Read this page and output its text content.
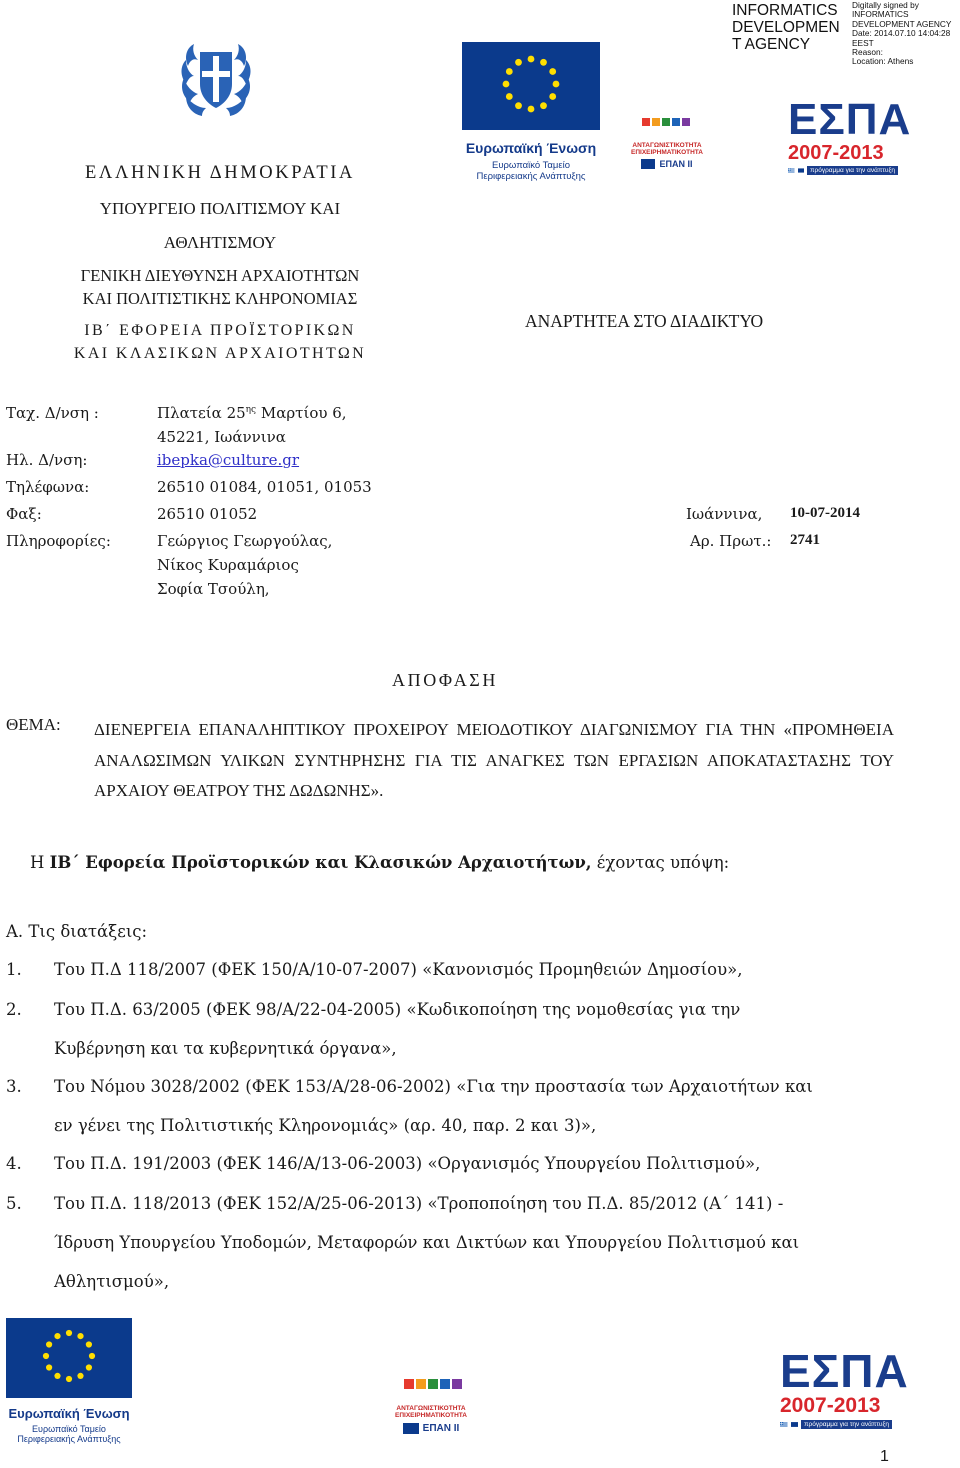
INFORMATICS DEVELOPMEN T AGENCY
Digitally signed by
INFORMATICS
DEVELOPMENT AGENCY
Date: 2014.07.10 14:04:28
EEST
Reason:
Location: Athens
Ευρωπαϊκή Ένωση
Ευρωπαϊκό Ταμείο
Περιφερειακής Ανάπτυξης
ΑΝΤΑΓΩΝΙΣΤΙΚΟΤΗΤΑ
ΕΠΙΧΕΙΡΗΜΑΤΙΚΟΤΗΤΑ
ΕΠΑΝ II
ΕΣΠΑ
2007-2013
πρόγραμμα για την ανάπτυξη
ΕΛΛΗΝΙΚΗ ΔΗΜΟΚΡΑΤΙΑ
ΥΠΟΥΡΓΕΙΟ ΠΟΛΙΤΙΣΜΟΥ ΚΑΙ
ΑΘΛΗΤΙΣΜΟΥ
ΓΕΝΙΚΗ ΔΙΕΥΘΥΝΣΗ ΑΡΧΑΙΟΤΗΤΩΝ
ΚΑΙ ΠΟΛΙΤΙΣΤΙΚΗΣ ΚΛΗΡΟΝΟΜΙΑΣ
ΙΒ΄ ΕΦΟΡΕΙΑ ΠΡΟΪΣΤΟΡΙΚΩΝ
ΚΑΙ ΚΛΑΣΙΚΩΝ ΑΡΧΑΙΟΤΗΤΩΝ
ΑΝΑΡΤΗΤΕΑ ΣΤΟ ΔΙΑΔΙΚΤΥΟ
Ταχ. Δ/νση :	Πλατεία $25^{\eta\varsigma}$ Μαρτίου 6,
45221, Ιωάννινα
Ηλ. Δ/νση:	ibepka@culture.gr
Τηλέφωνα:	26510 01084, 01051, 01053
Φαξ:	26510 01052
Πληροφορίες:	Γεώργιος Γεωργούλας,
Νίκος Κυραμάριος
Σοφία Τσούλη,
Ιωάννινα, 10-07-2014
Αρ. Πρωτ.: 2741
ΑΠΟΦΑΣΗ
ΘΕΜΑ: ΔΙΕΝΕΡΓΕΙΑ ΕΠΑΝΑΛΗΠΤΙΚΟΥ ΠΡΟΧΕΙΡΟΥ ΜΕΙΟΔΟΤΙΚΟΥ ΔΙΑΓΩΝΙΣΜΟΥ ΓΙΑ ΤΗΝ «ΠΡΟΜΗΘΕΙΑ ΑΝΑΛΩΣΙΜΩΝ ΥΛΙΚΩΝ ΣΥΝΤΗΡΗΣΗΣ ΓΙΑ ΤΙΣ ΑΝΑΓΚΕΣ ΤΩΝ ΕΡΓΑΣΙΩΝ ΑΠΟΚΑΤΑΣΤΑΣΗΣ ΤΟΥ ΑΡΧΑΙΟΥ ΘΕΑΤΡΟΥ ΤΗΣ ΔΩΔΩΝΗΣ».
Η ΙΒ΄ Εφορεία Προϊστορικών και Κλασικών Αρχαιοτήτων, έχοντας υπόψη:
Α. Τις διατάξεις:
1. Του Π.Δ 118/2007 (ΦΕΚ 150/Α/10-07-2007) «Κανονισμός Προμηθειών Δημοσίου»,
2. Του Π.Δ. 63/2005 (ΦΕΚ 98/Α/22-04-2005) «Κωδικοποίηση της νομοθεσίας για την
Κυβέρνηση και τα κυβερνητικά όργανα»,
3. Του Νόμου 3028/2002 (ΦΕΚ 153/Α/28-06-2002) «Για την προστασία των Αρχαιοτήτων και
εν γένει της Πολιτιστικής Κληρονομιάς» (αρ. 40, παρ. 2 και 3)»,
4. Του Π.Δ. 191/2003 (ΦΕΚ 146/Α/13-06-2003) «Οργανισμός Υπουργείου Πολιτισμού»,
5. Του Π.Δ. 118/2013 (ΦΕΚ 152/Α/25-06-2013) «Τροποποίηση του Π.Δ. 85/2012 (Α΄ 141) -
Ίδρυση Υπουργείου Υποδομών, Μεταφορών και Δικτύων και Υπουργείου Πολιτισμού και
Αθλητισμού»,
Ευρωπαϊκή Ένωση
Ευρωπαϊκό Ταμείο
Περιφερειακής Ανάπτυξης
ΑΝΤΑΓΩΝΙΣΤΙΚΟΤΗΤΑ
ΕΠΙΧΕΙΡΗΜΑΤΙΚΟΤΗΤΑ
ΕΠΑΝ II
ΕΣΠΑ
2007-2013
πρόγραμμα για την ανάπτυξη
1
